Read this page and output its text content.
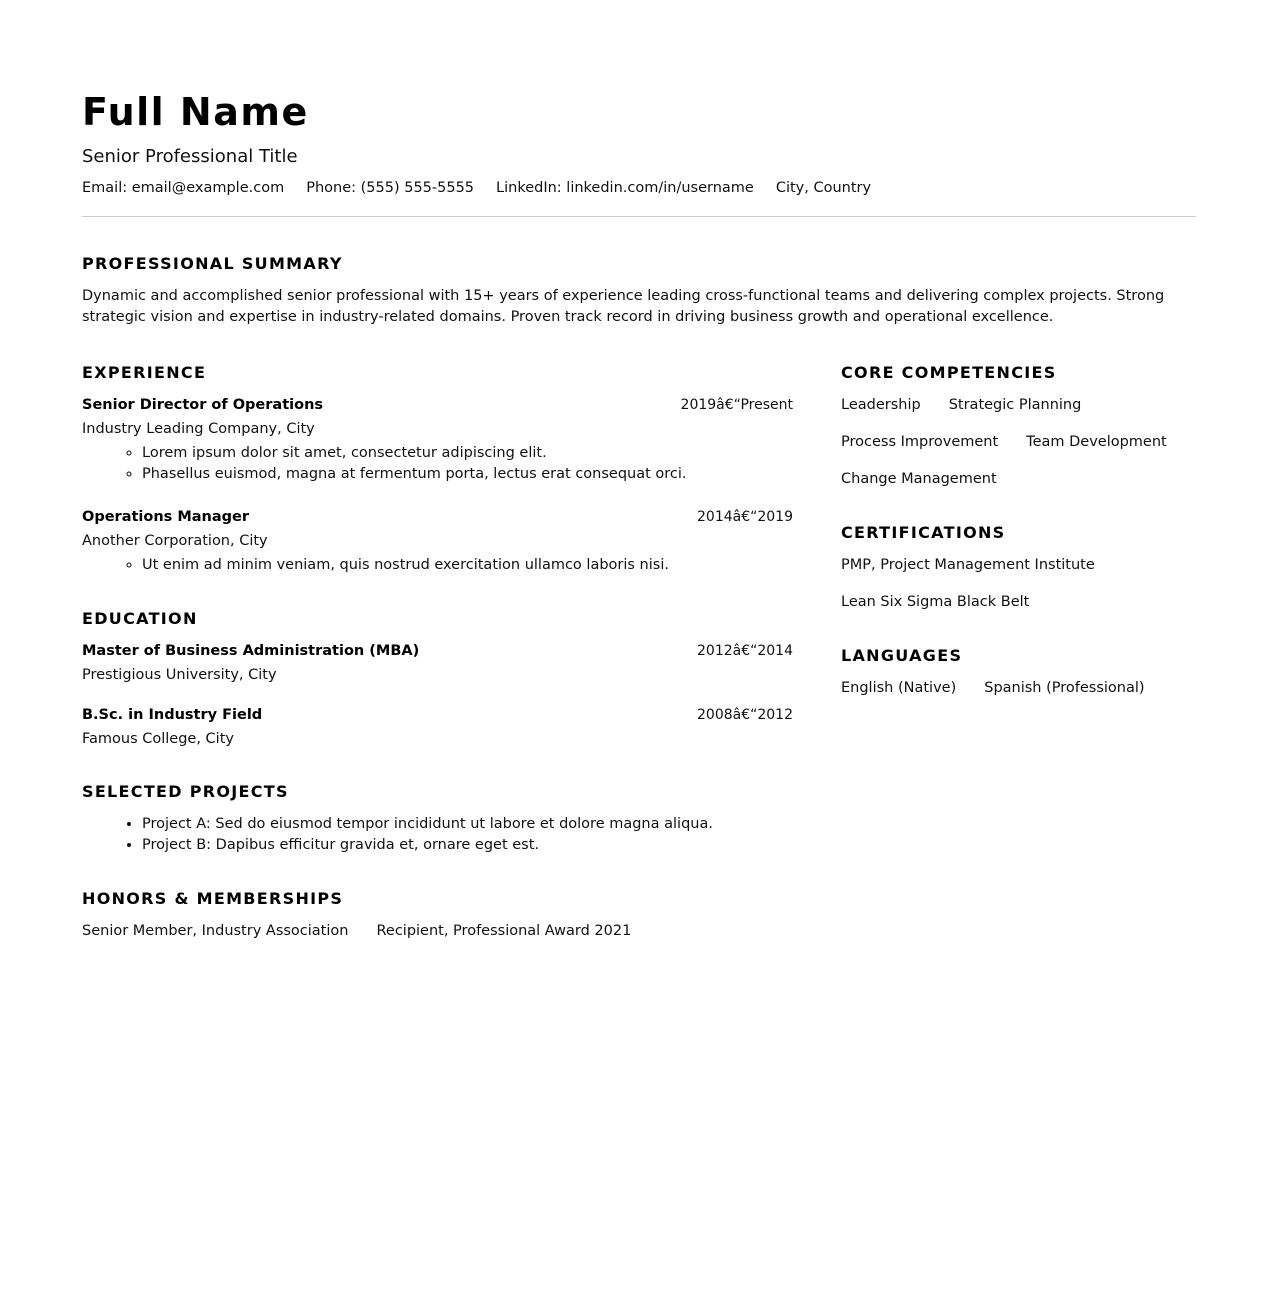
Full Name
Senior Professional Title
Email: email@example.com Phone: (555) 555-5555 LinkedIn: linkedin.com/in/username City, Country
PROFESSIONAL SUMMARY

Dynamic and accomplished senior professional with 15+ years of experience leading cross-functional teams and delivering complex projects. Strong strategic vision and expertise in industry-related domains. Proven track record in driving business growth and operational excellence.

EXPERIENCE
Senior Director of Operations	2019â€“Present
Industry Leading Company, City
◦ Lorem ipsum dolor sit amet, consectetur adipiscing elit.
◦ Phasellus euismod, magna at fermentum porta, lectus erat consequat orci.
Operations Manager	2014â€“2019
Another Corporation, City
◦ Ut enim ad minim veniam, quis nostrud exercitation ullamco laboris nisi.
EDUCATION
Master of Business Administration (MBA)	2012â€“2014
Prestigious University, City
B.Sc. in Industry Field	2008â€“2012
Famous College, City
SELECTED PROJECTS
• Project A: Sed do eiusmod tempor incididunt ut labore et dolore magna aliqua.
• Project B: Dapibus efficitur gravida et, ornare eget est.
HONORS & MEMBERSHIPS
Senior Member, Industry Association Recipient, Professional Award 2021
CORE COMPETENCIES
Leadership Strategic Planning
Process Improvement Team Development
Change Management
CERTIFICATIONS
PMP, Project Management Institute
Lean Six Sigma Black Belt
LANGUAGES
English (Native) Spanish (Professional)
